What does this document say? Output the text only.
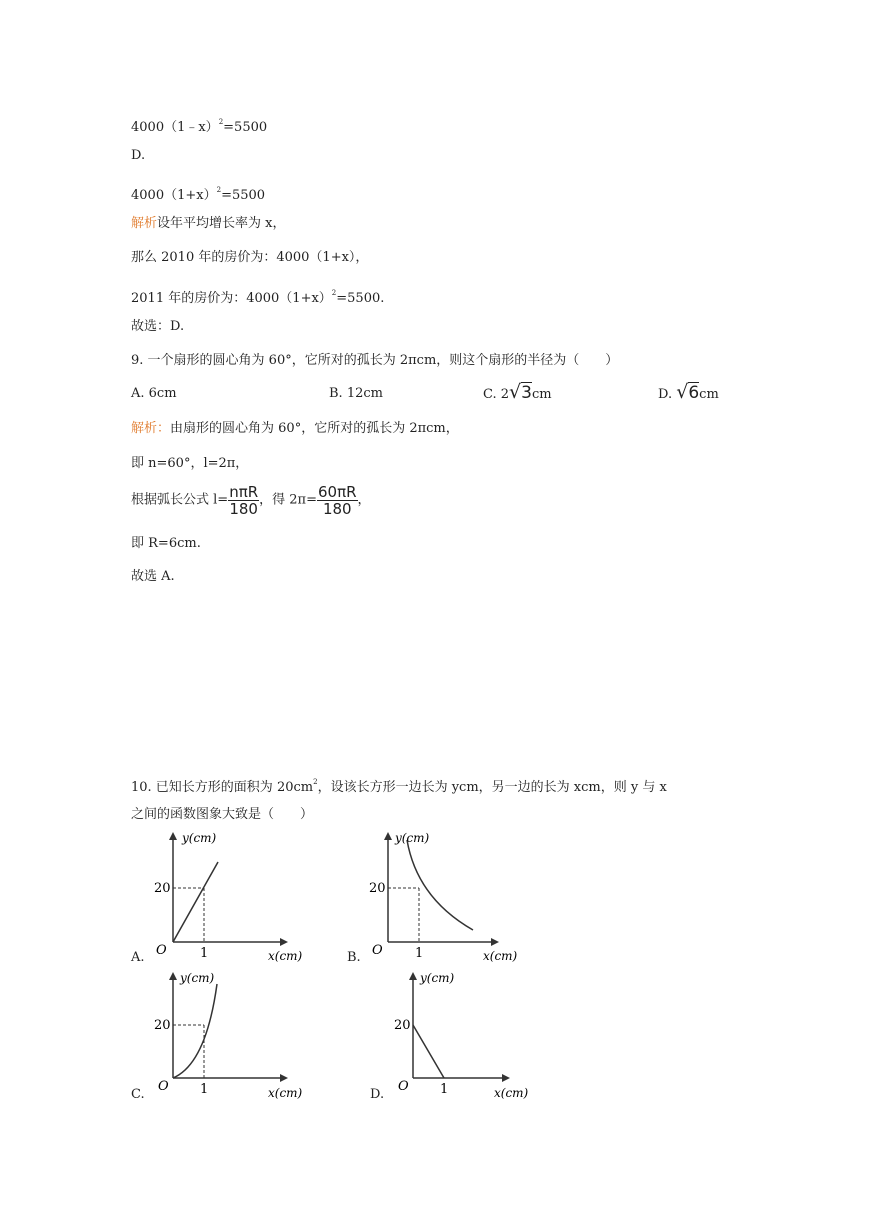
4000（1﹣x）$^2$=5500
D.
$4000(1+x)^2=5500$
解析设年平均增长率为 x，
那么 2010 年的房价为：4000（1+x），
2011 年的房价为：$4000(1+x)^2=5500$.
故选：D.
9. 一个扇形的圆心角为 60°，它所对的孤长为 2πcm，则这个扇形的半径为（　　）
A. 6cm	B. 12cm	C. 2√3cm	D. √6cm
解析：由扇形的圆心角为 60°，它所对的孤长为 2πcm，
即 n=60°，l=2π，
根据弧长公式 $l= \frac{\text{nπR}}{180}$ ，得 $2\pi= \frac{60\pi R}{180}$ ，
即 R=6cm.
故选 A.
10. 已知长方形的面积为 $20cm^2$，设该长方形一边长为 ycm，另一边的长为 xcm，则 y 与 x
之间的函数图象大致是（　　）
A.
y(cm)
x(cm)
O
20
1	B.
y(cm)
x(cm)
O
20
1
C.
y(cm)
x(cm)
O
20
1	D.
y(cm)
x(cm)
O
20
1
